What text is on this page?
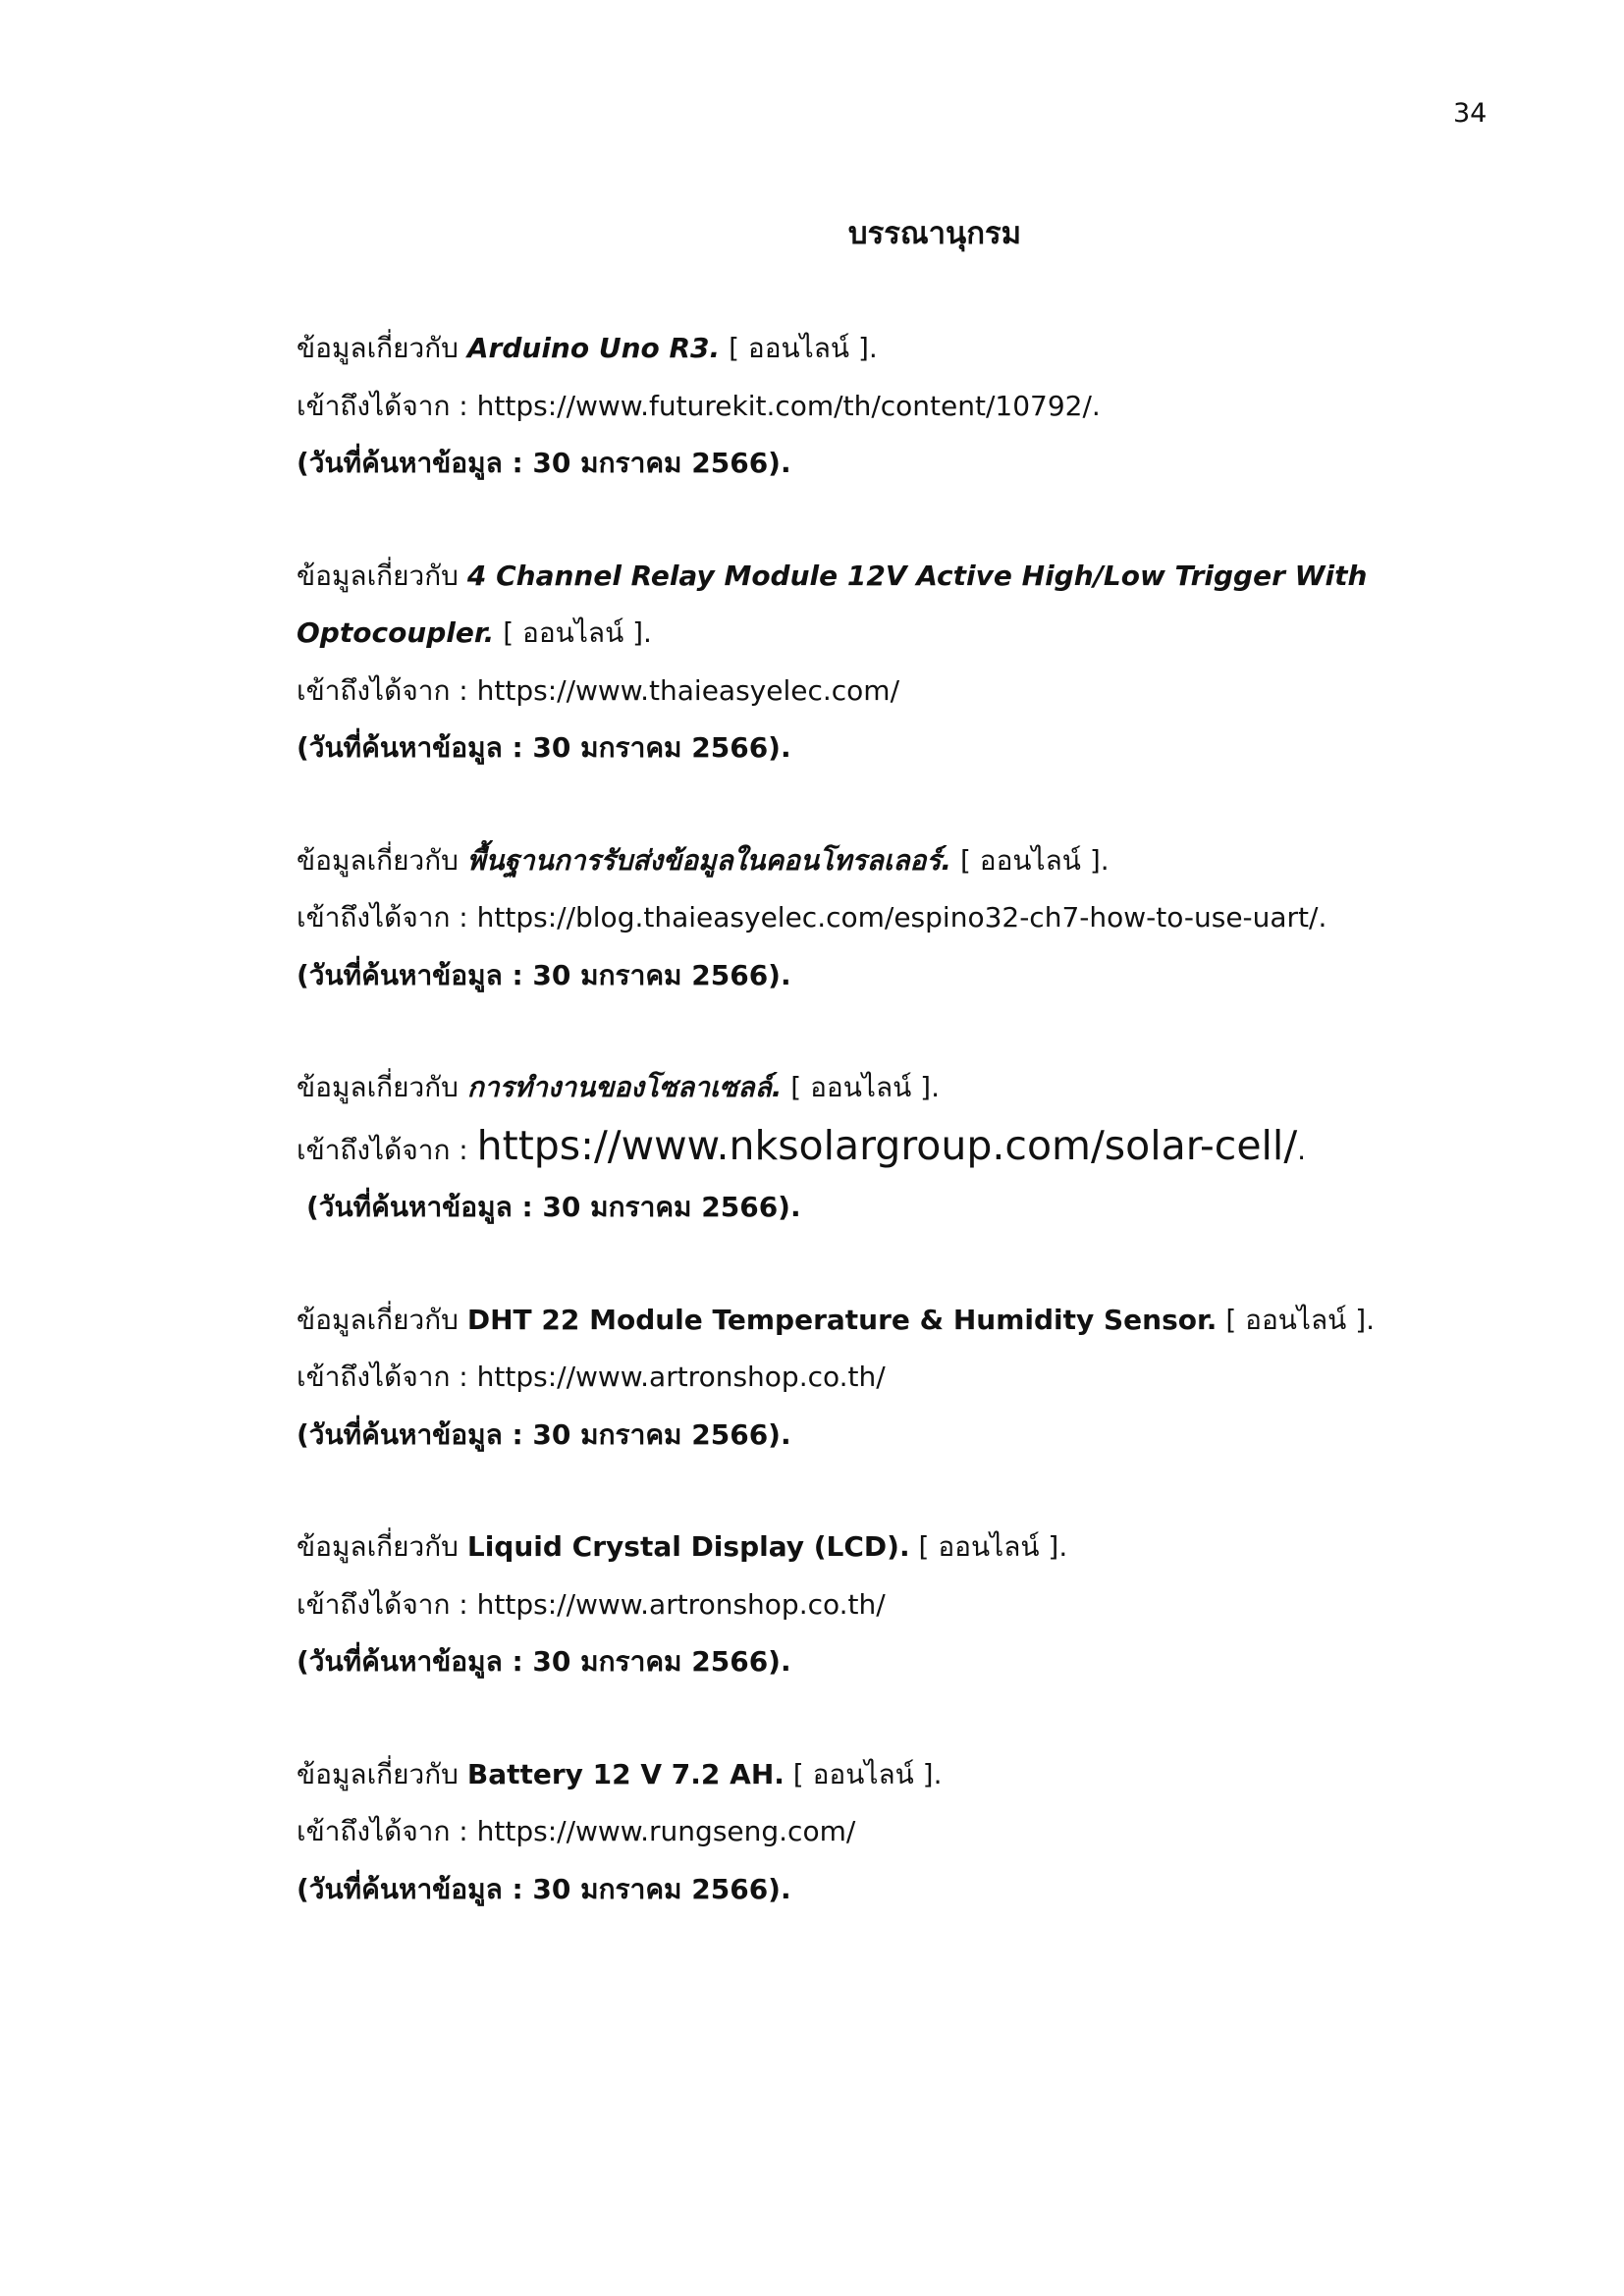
34
บรรณานุกรม
ข้อมูลเกี่ยวกับ Arduino Uno R3. [ ออนไลน์ ].
เข้าถึงได้จาก : https://www.futurekit.com/th/content/10792/.
(วันที่ค้นหาข้อมูล : 30 มกราคม 2566).
ข้อมูลเกี่ยวกับ 4 Channel Relay Module 12V Active High/Low Trigger With
Optocoupler. [ ออนไลน์ ].
เข้าถึงได้จาก : https://www.thaieasyelec.com/
(วันที่ค้นหาข้อมูล : 30 มกราคม 2566).
ข้อมูลเกี่ยวกับ พื้นฐานการรับส่งข้อมูลในคอนโทรลเลอร์. [ ออนไลน์ ].
เข้าถึงได้จาก : https://blog.thaieasyelec.com/espino32-ch7-how-to-use-uart/.
(วันที่ค้นหาข้อมูล : 30 มกราคม 2566).
ข้อมูลเกี่ยวกับ การทำงานของโซลาเซลล์. [ ออนไลน์ ].
เข้าถึงได้จาก : https://www.nksolargroup.com/solar-cell/.
(วันที่ค้นหาข้อมูล : 30 มกราคม 2566).
ข้อมูลเกี่ยวกับ DHT 22 Module Temperature & Humidity Sensor. [ ออนไลน์ ].
เข้าถึงได้จาก : https://www.artronshop.co.th/
(วันที่ค้นหาข้อมูล : 30 มกราคม 2566).
ข้อมูลเกี่ยวกับ Liquid Crystal Display (LCD). [ ออนไลน์ ].
เข้าถึงได้จาก : https://www.artronshop.co.th/
(วันที่ค้นหาข้อมูล : 30 มกราคม 2566).
ข้อมูลเกี่ยวกับ Battery 12 V 7.2 AH. [ ออนไลน์ ].
เข้าถึงได้จาก : https://www.rungseng.com/
(วันที่ค้นหาข้อมูล : 30 มกราคม 2566).
